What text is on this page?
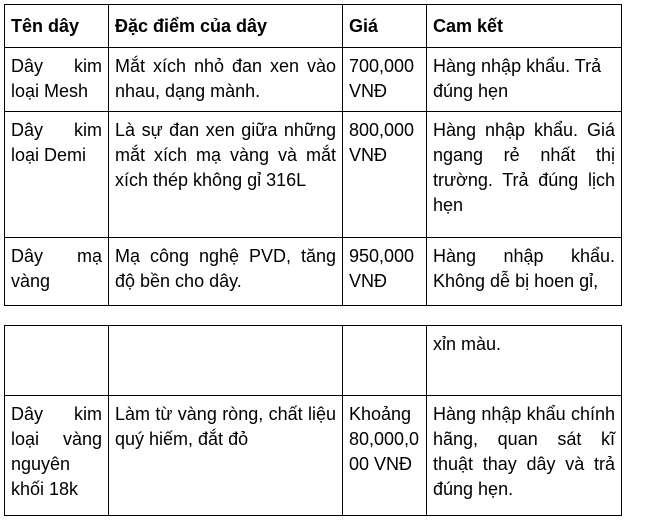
Tên dây	Đặc điểm của dây	Giá	Cam kết
Dây kim loại Mesh	Mắt xích nhỏ đan xen vào nhau, dạng mành.	700,000 VNĐ	Hàng nhập khẩu. Trả đúng hẹn
Dây kim loại Demi	Là sự đan xen giữa những mắt xích mạ vàng và mắt xích thép không gỉ 316L	800,000 VNĐ	Hàng nhập khẩu. Giá ngang rẻ nhất thị trường. Trả đúng lịch hẹn
Dây mạ vàng	Mạ công nghệ PVD, tăng độ bền cho dây.	950,000 VNĐ	Hàng nhập khẩu. Không dễ bị hoen gỉ,
			xỉn màu.
Dây kim loại vàng nguyên khối 18k	Làm từ vàng ròng, chất liệu quý hiếm, đắt đỏ	Khoảng 80,000,000 VNĐ	Hàng nhập khẩu chính hãng, quan sát kĩ thuật thay dây và trả đúng hẹn.
